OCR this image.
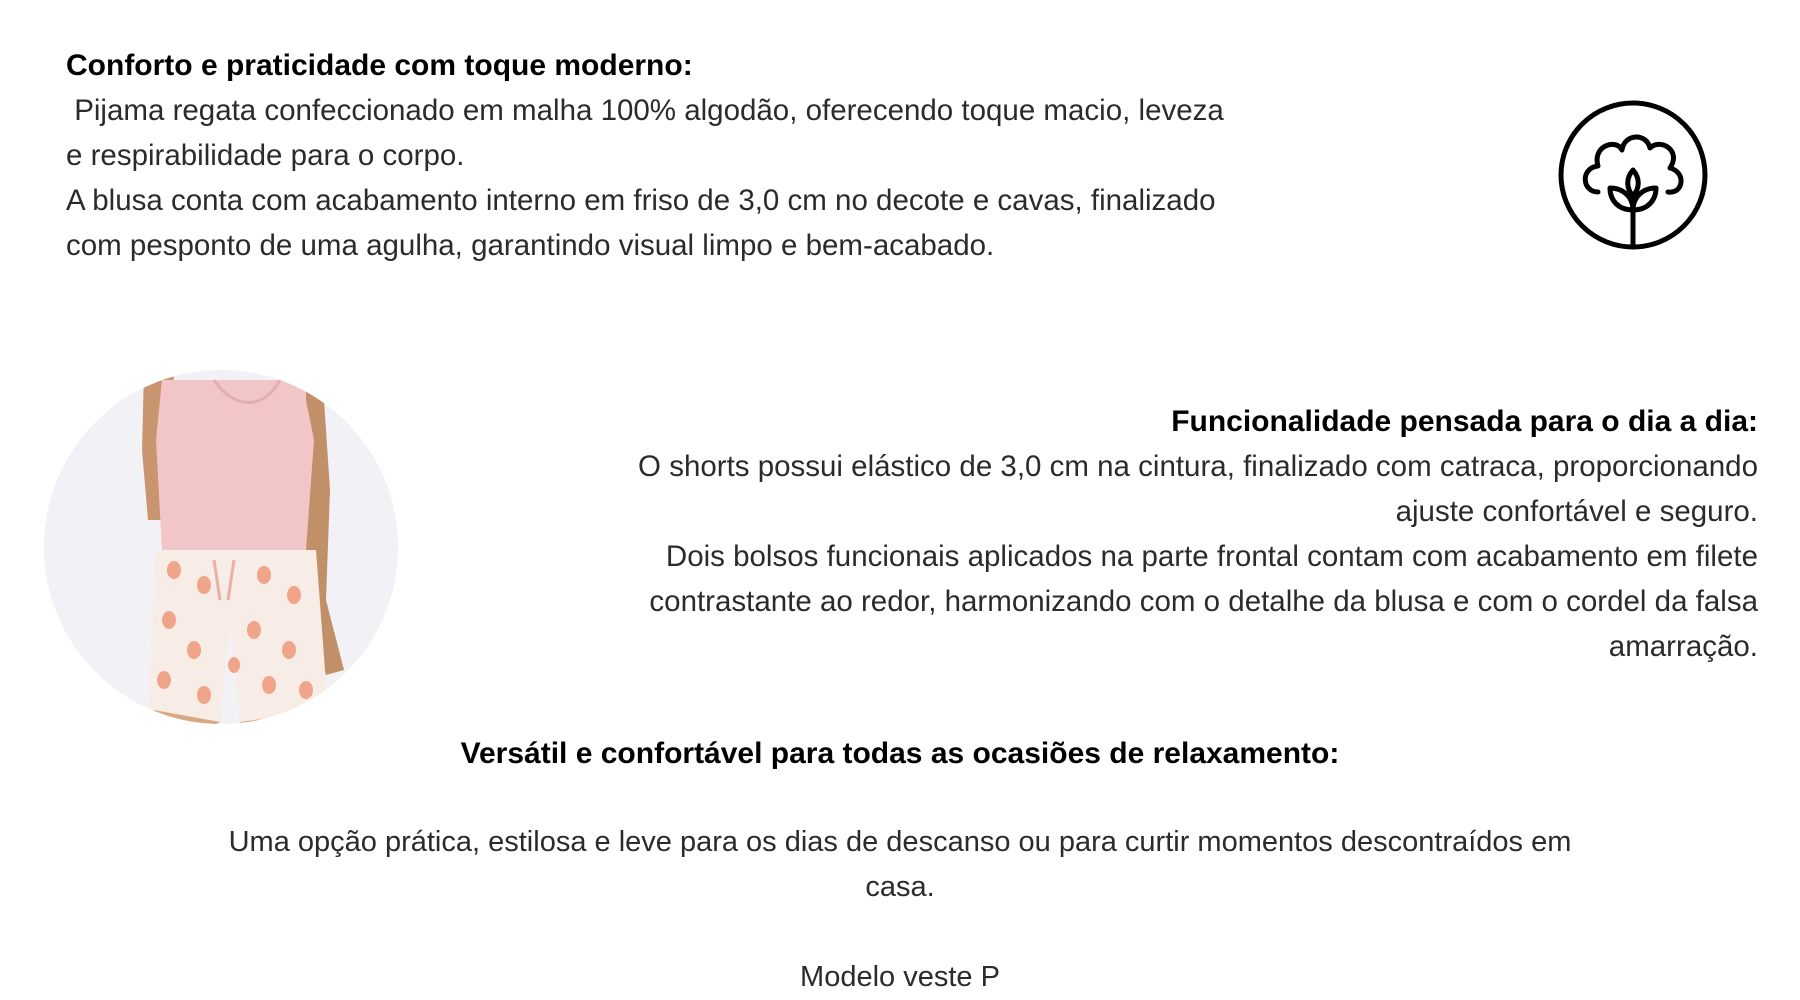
Conforto e praticidade com toque moderno:

Pijama regata confeccionado em malha 100% algodão, oferecendo toque macio, leveza

e respirabilidade para o corpo.

A blusa conta com acabamento interno em friso de 3,0 cm no decote e cavas, finalizado

com pesponto de uma agulha, garantindo visual limpo e bem-acabado.

Funcionalidade pensada para o dia a dia:

O shorts possui elástico de 3,0 cm na cintura, finalizado com catraca, proporcionando

ajuste confortável e seguro.

Dois bolsos funcionais aplicados na parte frontal contam com acabamento em filete

contrastante ao redor, harmonizando com o detalhe da blusa e com o cordel da falsa

amarração.

Versátil e confortável para todas as ocasiões de relaxamento:

Uma opção prática, estilosa e leve para os dias de descanso ou para curtir momentos descontraídos em

casa.

Modelo veste P
